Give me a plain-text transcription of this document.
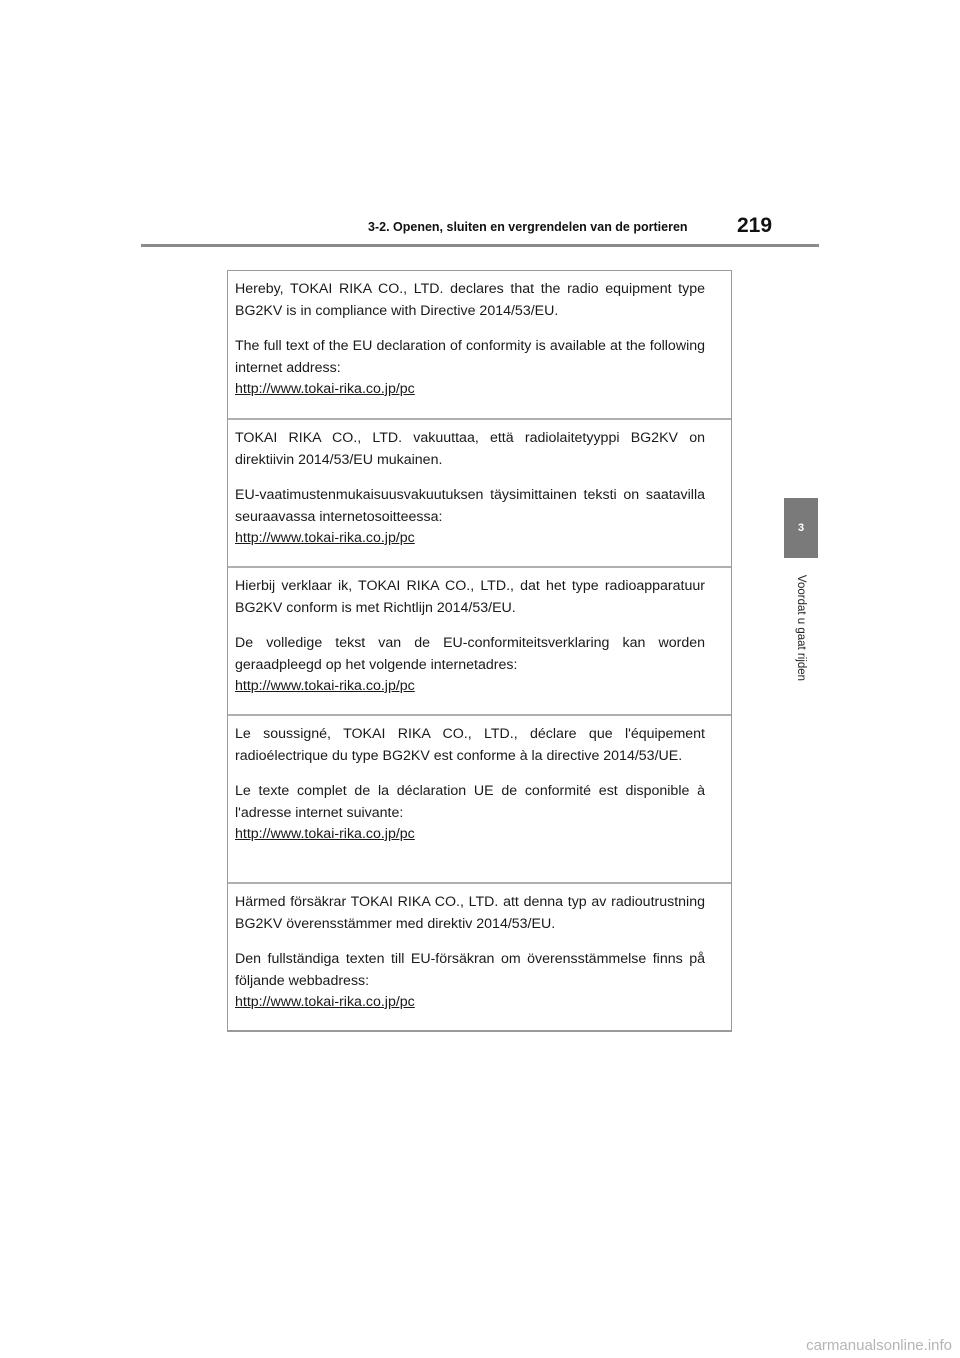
3-2. Openen, sluiten en vergrendelen van de portieren 219
3
Voordat u gaat rijden

Hereby, TOKAI RIKA CO., LTD. declares that the radio equipment type BG2KV is in compliance with Directive 2014/53/EU.

The full text of the EU declaration of conformity is available at the following internet address:

http://www.tokai-rika.co.jp/pc

TOKAI RIKA CO., LTD. vakuuttaa, että radiolaitetyyppi BG2KV on direktiivin 2014/53/EU mukainen.

EU-vaatimustenmukaisuusvakuutuksen täysimittainen teksti on saatavilla seuraavassa internetosoitteessa:

http://www.tokai-rika.co.jp/pc

Hierbij verklaar ik, TOKAI RIKA CO., LTD., dat het type radioapparatuur BG2KV conform is met Richtlijn 2014/53/EU.

De volledige tekst van de EU-conformiteitsverklaring kan worden geraadpleegd op het volgende internetadres:

http://www.tokai-rika.co.jp/pc

Le soussigné, TOKAI RIKA CO., LTD., déclare que l'équipement radioélectrique du type BG2KV est conforme à la directive 2014/53/UE.

Le texte complet de la déclaration UE de conformité est disponible à l'adresse internet suivante:

http://www.tokai-rika.co.jp/pc

Härmed försäkrar TOKAI RIKA CO., LTD. att denna typ av radioutrustning BG2KV överensstämmer med direktiv 2014/53/EU.

Den fullständiga texten till EU-försäkran om överensstämmelse finns på följande webbadress:

http://www.tokai-rika.co.jp/pc

carmanualsonline.info
